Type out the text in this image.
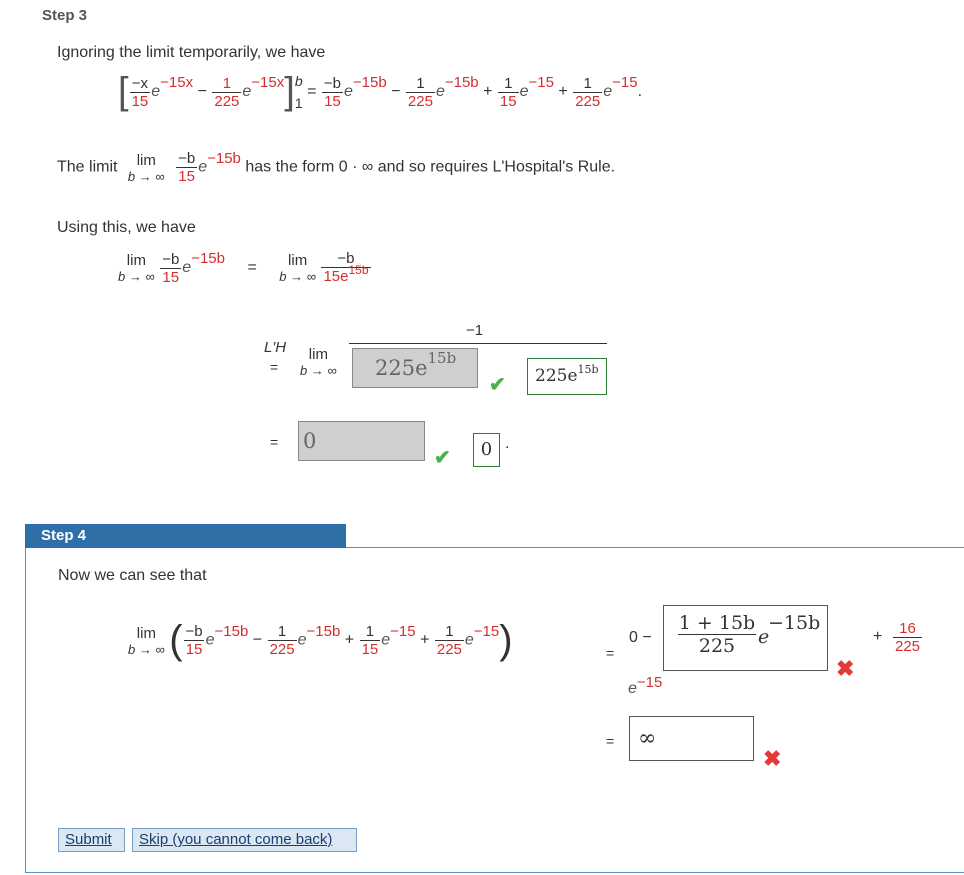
Step 3
Ignoring the limit temporarily, we have
[ $\frac{-x}{15} e-15x - \frac{1}{225} e-15x$] b
1
= $\frac{-b}{15} e-15b - \frac{1}{225} e-15b + \frac{1}{15} e-15 + \frac{1}{225} e-15$.
The limit lim
b → ∞
$\frac{-b}{15} e-15b$ has the form 0 · ∞ and so requires L'Hospital's Rule.
Using this, we have
lim
b → ∞
$\frac{-b}{15} e-15b = \lim$
b → ∞
$\frac{-b}{15e^{15b}}$
L'H
=
lim
b → ∞
−1
$225e^{15b}$
✔	$225e^{15b}$
= 0
✔	0 .
Step 4
Now we can see that
lim
b → ∞ ( $\frac{-b}{15} e-15b - \frac{1}{225} e-15b + \frac{1}{15} e-15 + \frac{1}{225} e-15$)	=
$0 - \frac{1 + 15b}{225}$ e
−15b
✖
+ $\frac{16}{225}$
e−15
=	∞
✖
Submit	Skip (you cannot come back)
